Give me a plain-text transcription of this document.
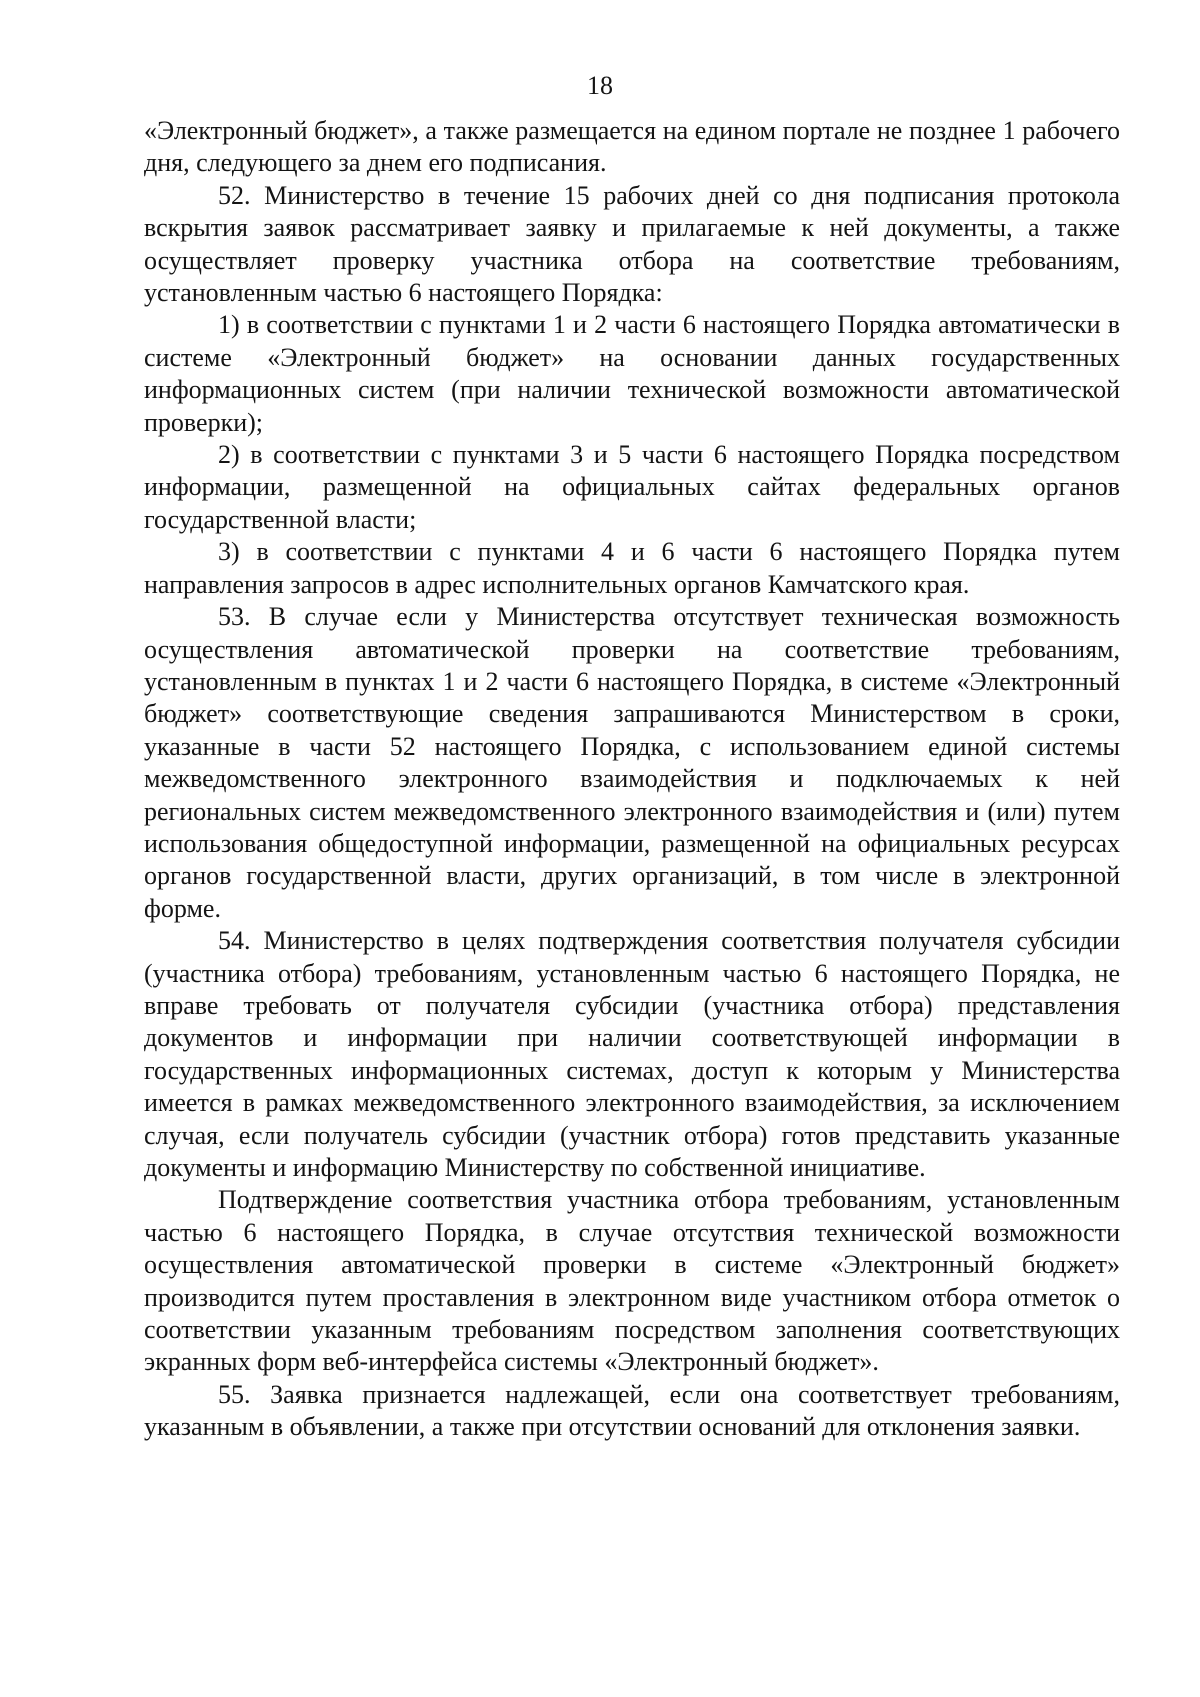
18

«Электронный бюджет», а также размещается на едином портале не позднее 1 рабочего дня, следующего за днем его подписания.

52. Министерство в течение 15 рабочих дней со дня подписания протокола вскрытия заявок рассматривает заявку и прилагаемые к ней документы, а также осуществляет проверку участника отбора на соответствие требованиям, установленным частью 6 настоящего Порядка:

1) в соответствии с пунктами 1 и 2 части 6 настоящего Порядка автоматически в системе «Электронный бюджет» на основании данных государственных информационных систем (при наличии технической возможности автоматической проверки);

2) в соответствии с пунктами 3 и 5 части 6 настоящего Порядка посредством информации, размещенной на официальных сайтах федеральных органов государственной власти;

3) в соответствии с пунктами 4 и 6 части 6 настоящего Порядка путем направления запросов в адрес исполнительных органов Камчатского края.

53. В случае если у Министерства отсутствует техническая возможность осуществления автоматической проверки на соответствие требованиям, установленным в пунктах 1 и 2 части 6 настоящего Порядка, в системе «Электронный бюджет» соответствующие сведения запрашиваются Министерством в сроки, указанные в части 52 настоящего Порядка, с использованием единой системы межведомственного электронного взаимодействия и подключаемых к ней региональных систем межведомственного электронного взаимодействия и (или) путем использования общедоступной информации, размещенной на официальных ресурсах органов государственной власти, других организаций, в том числе в электронной форме.

54. Министерство в целях подтверждения соответствия получателя субсидии (участника отбора) требованиям, установленным частью 6 настоящего Порядка, не вправе требовать от получателя субсидии (участника отбора) представления документов и информации при наличии соответствующей информации в государственных информационных системах, доступ к которым у Министерства имеется в рамках межведомственного электронного взаимодействия, за исключением случая, если получатель субсидии (участник отбора) готов представить указанные документы и информацию Министерству по собственной инициативе.

Подтверждение соответствия участника отбора требованиям, установленным частью 6 настоящего Порядка, в случае отсутствия технической возможности осуществления автоматической проверки в системе «Электронный бюджет» производится путем проставления в электронном виде участником отбора отметок о соответствии указанным требованиям посредством заполнения соответствующих экранных форм веб-интерфейса системы «Электронный бюджет».

55. Заявка признается надлежащей, если она соответствует требованиям, указанным в объявлении, а также при отсутствии оснований для отклонения заявки.
